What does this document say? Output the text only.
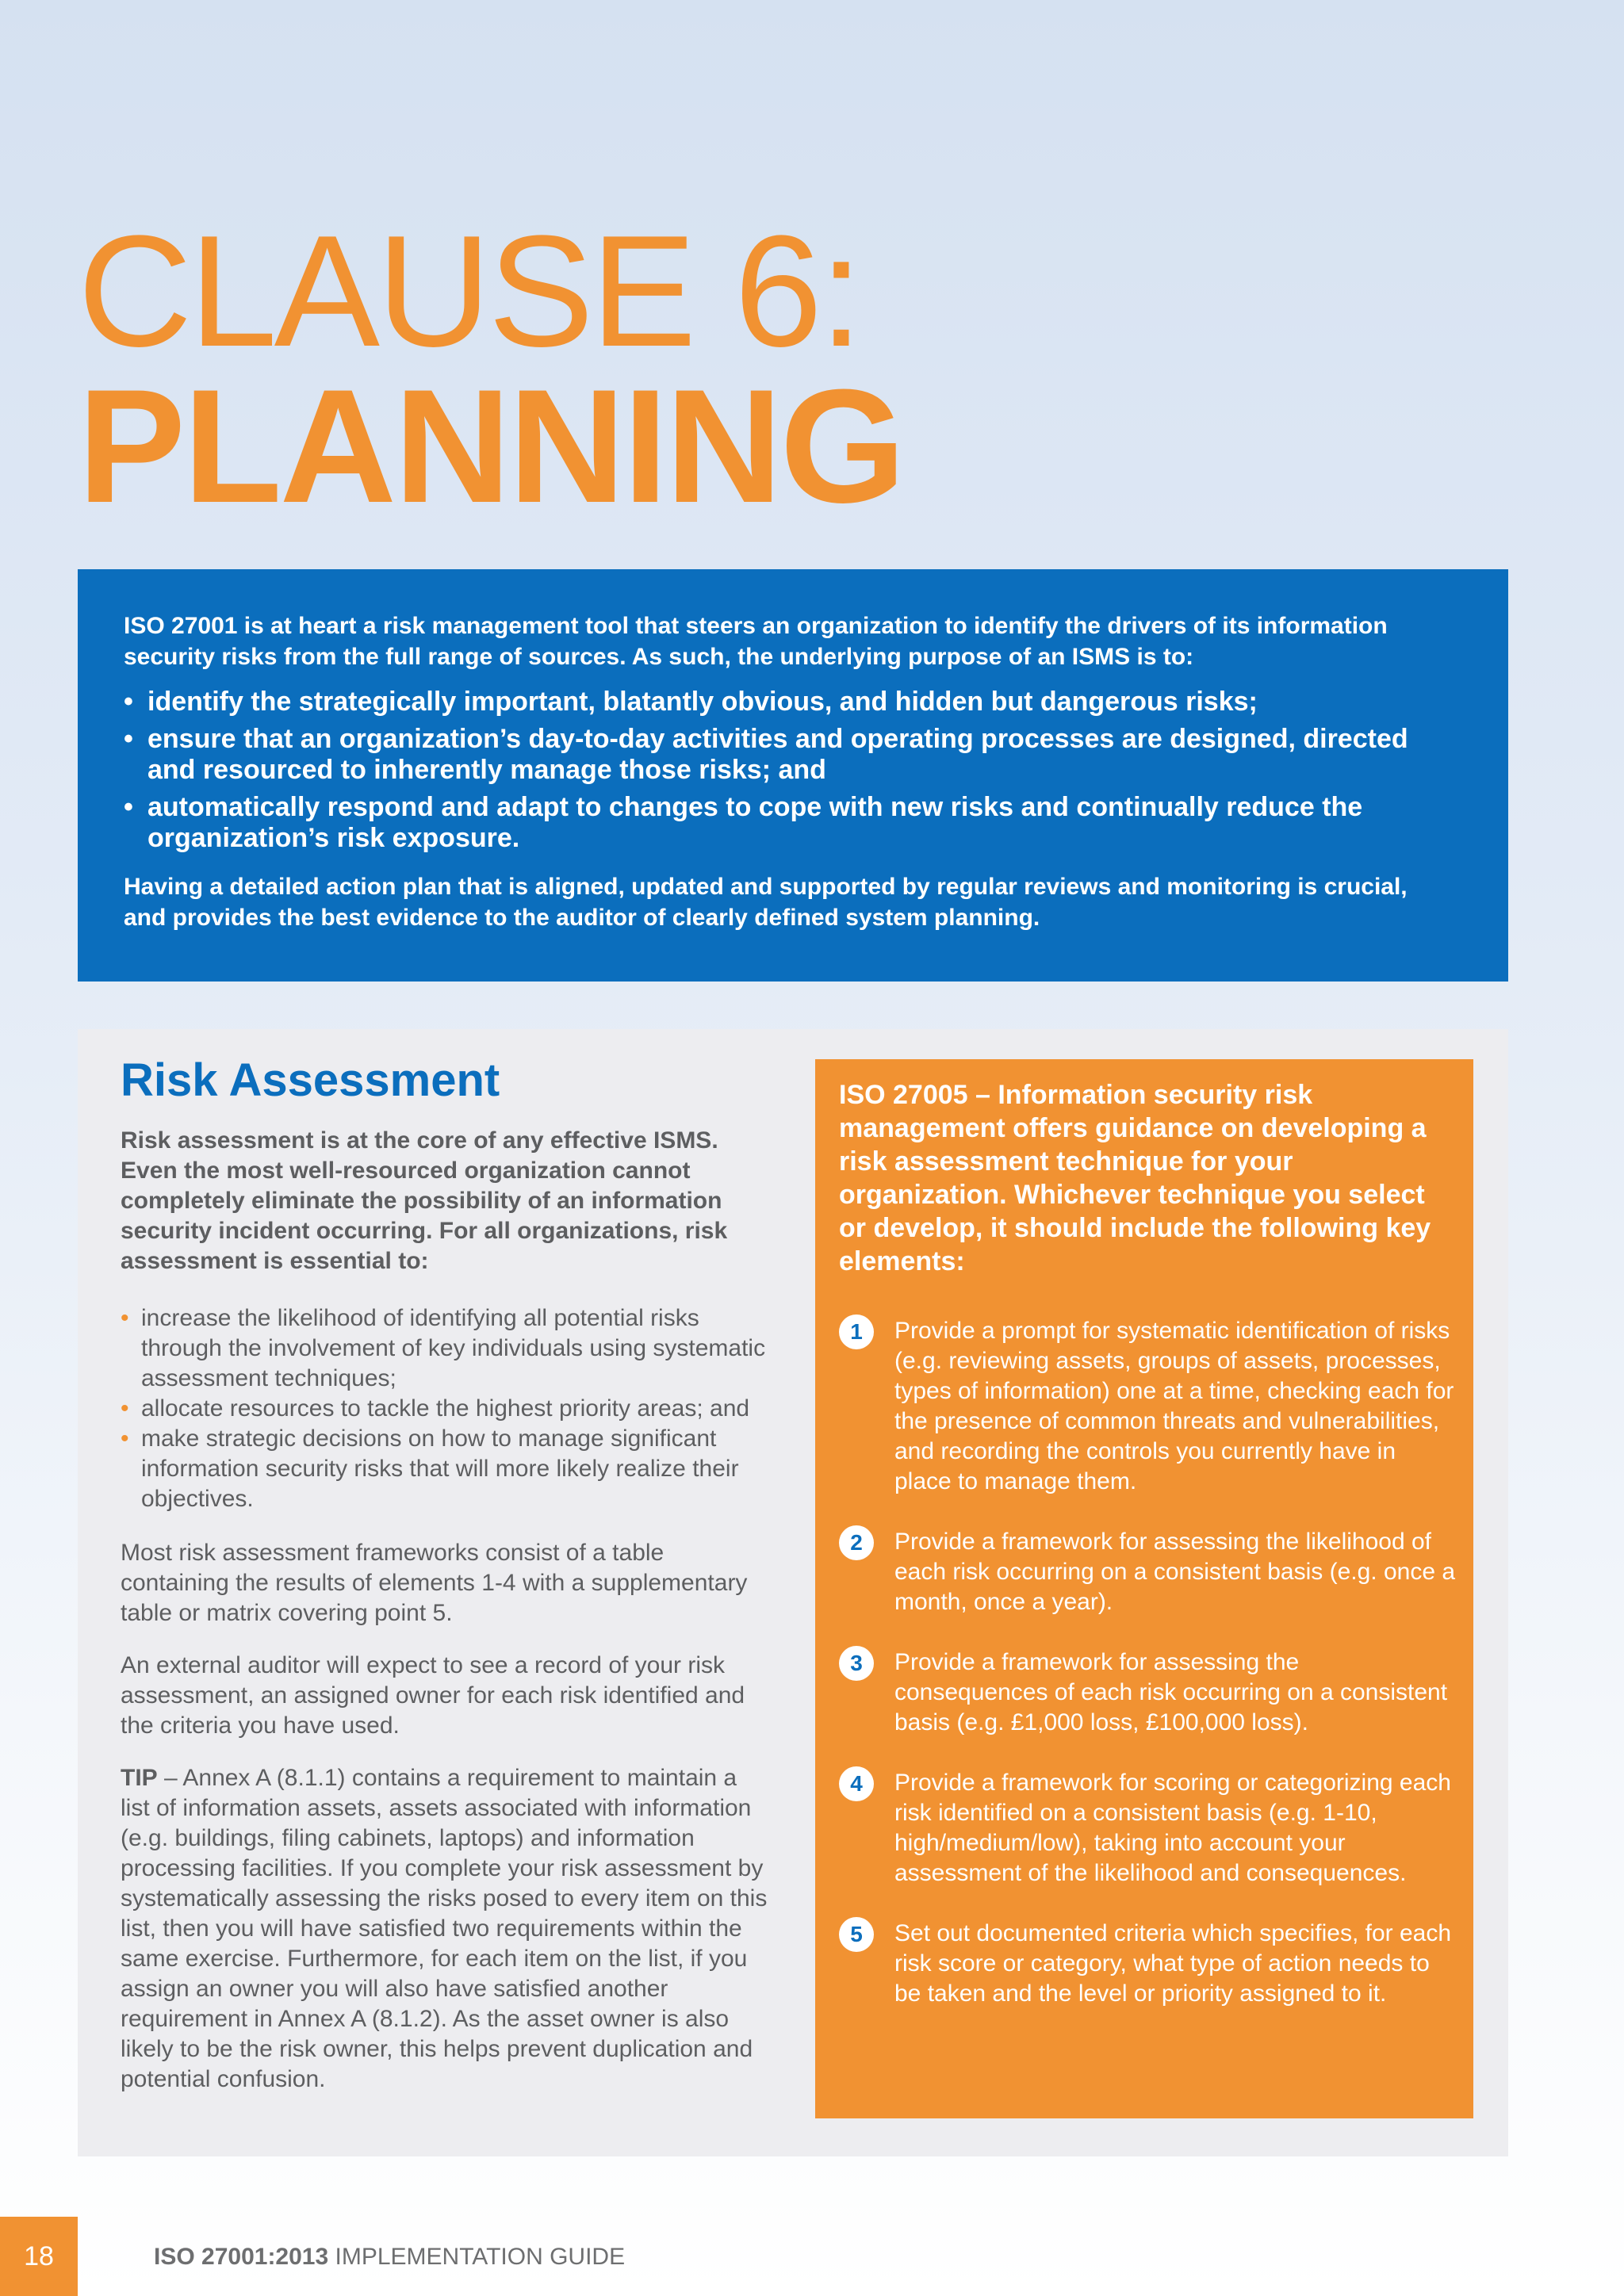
CLAUSE 6:
PLANNING

ISO 27001 is at heart a risk management tool that steers an organization to identify the drivers of its information security risks from the full range of sources. As such, the underlying purpose of an ISMS is to:

• identify the strategically important, blatantly obvious, and hidden but dangerous risks;
• ensure that an organization’s day-to-day activities and operating processes are designed, directed and resourced to inherently manage those risks; and
• automatically respond and adapt to changes to cope with new risks and continually reduce the organization’s risk exposure.

Having a detailed action plan that is aligned, updated and supported by regular reviews and monitoring is crucial, and provides the best evidence to the auditor of clearly defined system planning.

Risk Assessment

Risk assessment is at the core of any effective ISMS. Even the most well-resourced organization cannot completely eliminate the possibility of an information security incident occurring. For all organizations, risk assessment is essential to:

• increase the likelihood of identifying all potential risks through the involvement of key individuals using systematic assessment techniques;
• allocate resources to tackle the highest priority areas; and
• make strategic decisions on how to manage significant information security risks that will more likely realize their objectives.

Most risk assessment frameworks consist of a table containing the results of elements 1-4 with a supplementary table or matrix covering point 5.

An external auditor will expect to see a record of your risk assessment, an assigned owner for each risk identified and the criteria you have used.

TIP – Annex A (8.1.1) contains a requirement to maintain a list of information assets, assets associated with information (e.g. buildings, filing cabinets, laptops) and information processing facilities. If you complete your risk assessment by systematically assessing the risks posed to every item on this list, then you will have satisfied two requirements within the same exercise. Furthermore, for each item on the list, if you assign an owner you will also have satisfied another requirement in Annex A (8.1.2). As the asset owner is also likely to be the risk owner, this helps prevent duplication and potential confusion.

ISO 27005 – Information security risk management offers guidance on developing a risk assessment technique for your organization. Whichever technique you select or develop, it should include the following key elements:

1	Provide a prompt for systematic identification of risks (e.g. reviewing assets, groups of assets, processes, types of information) one at a time, checking each for the presence of common threats and vulnerabilities, and recording the controls you currently have in place to manage them.
2	Provide a framework for assessing the likelihood of each risk occurring on a consistent basis (e.g. once a month, once a year).
3	Provide a framework for assessing the consequences of each risk occurring on a consistent basis (e.g. £1,000 loss, £100,000 loss).
4	Provide a framework for scoring or categorizing each risk identified on a consistent basis (e.g. 1-10, high/medium/low), taking into account your assessment of the likelihood and consequences.
5	Set out documented criteria which specifies, for each risk score or category, what type of action needs to be taken and the level or priority assigned to it.
18	ISO 27001:2013 IMPLEMENTATION GUIDE
